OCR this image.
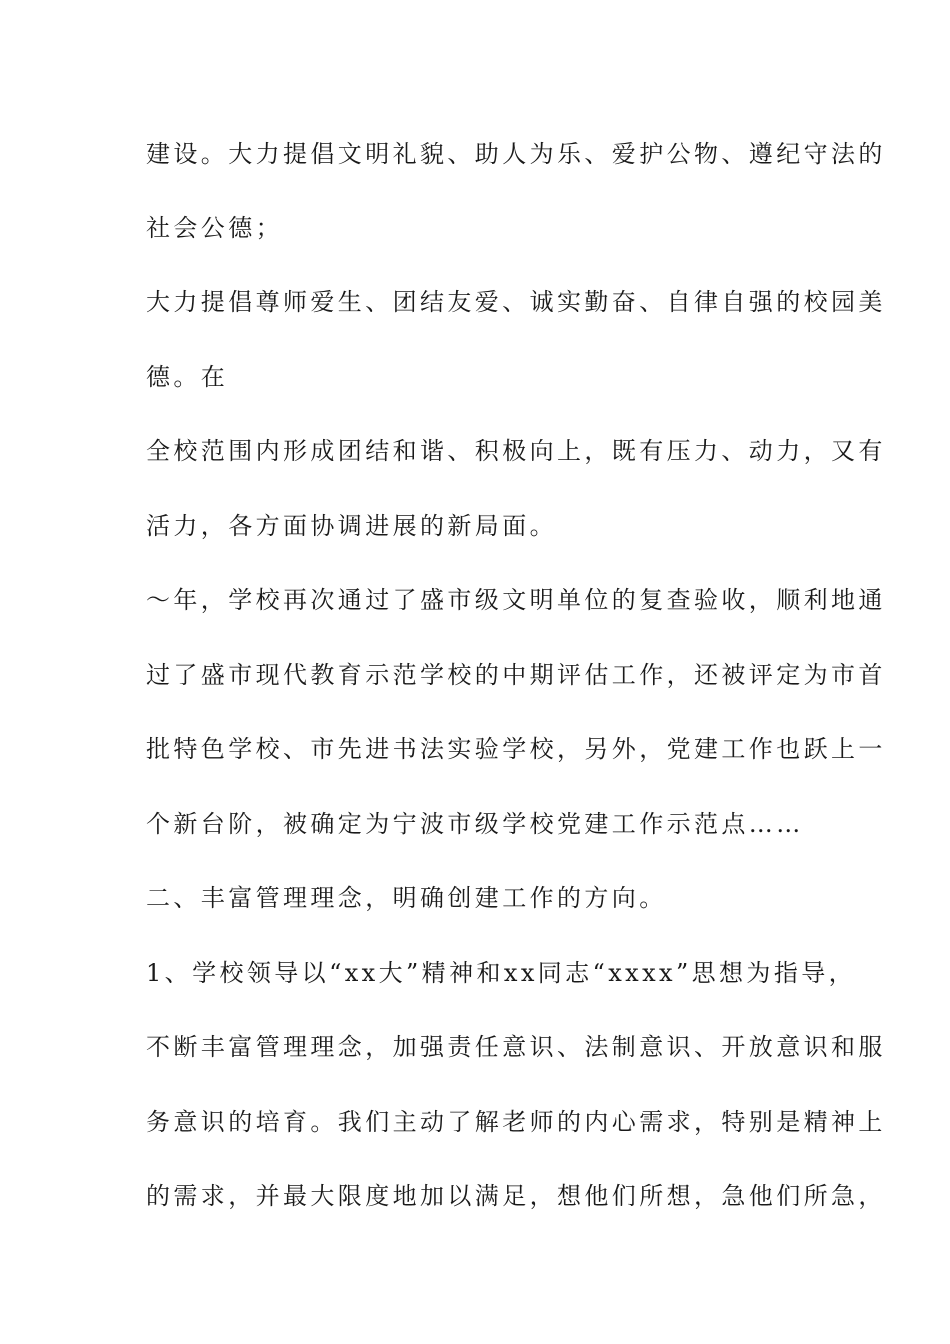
建设。大力提倡文明礼貌、助人为乐、爱护公物、遵纪守法的
社会公德；
大力提倡尊师爱生、团结友爱、诚实勤奋、自律自强的校园美
德。在
全校范围内形成团结和谐、积极向上，既有压力、动力，又有
活力，各方面协调进展的新局面。
～年，学校再次通过了盛市级文明单位的复查验收，顺利地通
过了盛市现代教育示范学校的中期评估工作，还被评定为市首
批特色学校、市先进书法实验学校，另外，党建工作也跃上一
个新台阶，被确定为宁波市级学校党建工作示范点……
二、丰富管理理念，明确创建工作的方向。
1、学校领导以“xx大”精神和xx同志“xxxx”思想为指导，
不断丰富管理理念，加强责任意识、法制意识、开放意识和服
务意识的培育。我们主动了解老师的内心需求，特别是精神上
的需求，并最大限度地加以满足，想他们所想，急他们所急，
